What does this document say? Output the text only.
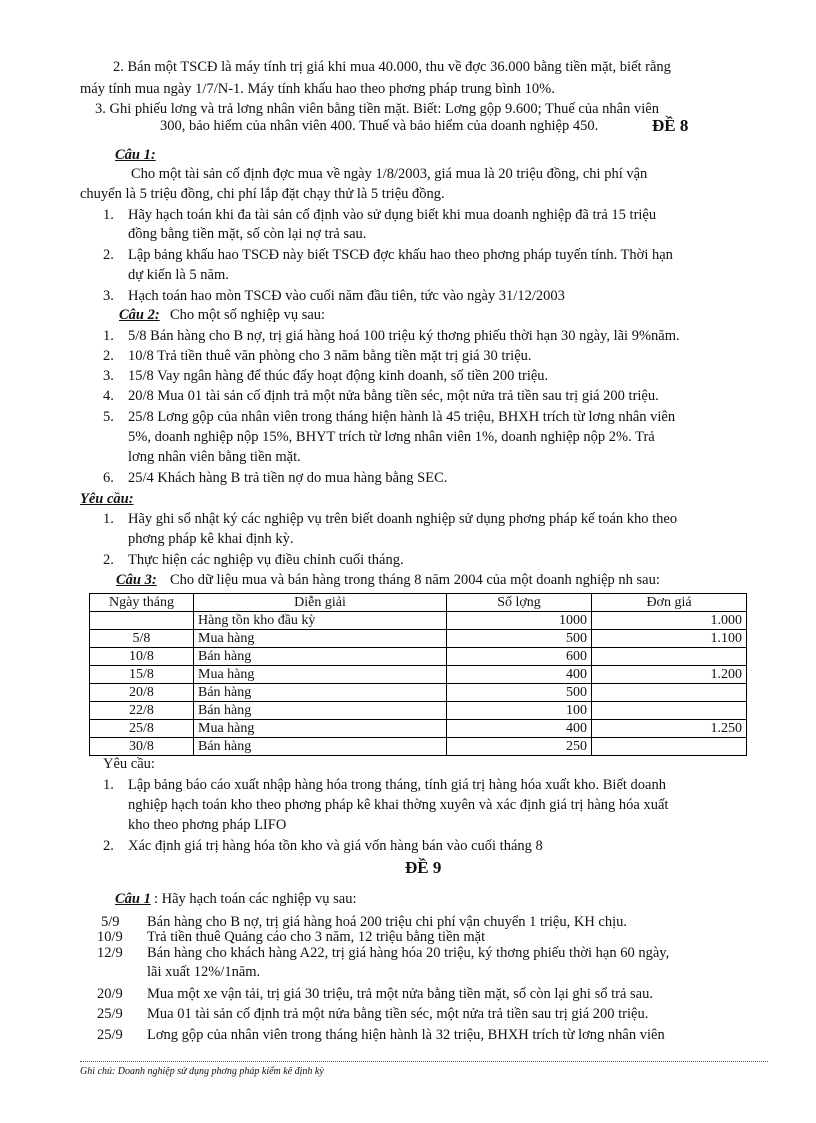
2. Bán một TSCĐ là máy tính trị giá khi mua 40.000, thu về đợc 36.000 bằng tiền mặt, biết rằng
máy tính mua ngày 1/7/N-1. Máy tính khấu hao theo phơng pháp trung bình 10%.
3. Ghi phiếu lơng và trả lơng nhân viên bằng tiền mặt. Biết: Lơng gộp 9.600; Thuế của nhân viên
300, bảo hiểm của nhân viên 400. Thuế và bảo hiểm của doanh nghiệp 450.	ĐỀ 8
Câu 1:
Cho một tài sản cố định đợc mua về ngày 1/8/2003, giá mua là 20 triệu đồng, chi phí vận
chuyển là 5 triệu đồng, chi phí lắp đặt chạy thử là 5 triệu đồng.
1. Hãy hạch toán khi đa tài sản cố định vào sử dụng biết khi mua doanh nghiệp đã trả 15 triệu
đồng bằng tiền mặt, số còn lại nợ trả sau.
2. Lập bảng khấu hao TSCĐ này biết TSCĐ đợc khấu hao theo phơng pháp tuyến tính. Thời hạn
dự kiến là 5 năm.
3. Hạch toán hao mòn TSCĐ vào cuối năm đầu tiên, tức vào ngày 31/12/2003
Câu 2: Cho một số nghiệp vụ sau:
1. 5/8 Bán hàng cho B nợ, trị giá hàng hoá 100 triệu ký thơng phiếu thời hạn 30 ngày, lãi 9%năm.
2. 10/8 Trả tiền thuê văn phòng cho 3 năm bằng tiền mặt trị giá 30 triệu.
3. 15/8 Vay ngân hàng để thúc đẩy hoạt động kinh doanh, số tiền 200 triệu.
4. 20/8 Mua 01 tài sản cố định trả một nửa bằng tiền séc, một nửa trả tiền sau trị giá 200 triệu.
5. 25/8 Lơng gộp của nhân viên trong tháng hiện hành là 45 triệu, BHXH trích từ lơng nhân viên
5%, doanh nghiệp nộp 15%, BHYT trích từ lơng nhân viên 1%, doanh nghiệp nộp 2%. Trả
lơng nhân viên bằng tiền mặt.
6. 25/4 Khách hàng B trả tiền nợ do mua hàng bằng SEC.
Yêu cầu:
1. Hãy ghi sổ nhật ký các nghiệp vụ trên biết doanh nghiệp sử dụng phơng pháp kế toán kho theo
phơng pháp kê khai định kỳ.
2. Thực hiện các nghiệp vụ điều chỉnh cuối tháng.
Câu 3: Cho dữ liệu mua và bán hàng trong tháng 8 năm 2004 của một doanh nghiệp nh sau:
Ngày tháng	Diễn giải	Số lợng	Đơn giá
	Hàng tồn kho đầu kỳ	1000	1.000
5/8	Mua hàng	500	1.100
10/8	Bán hàng	600	
15/8	Mua hàng	400	1.200
20/8	Bán hàng	500	
22/8	Bán hàng	100	
25/8	Mua hàng	400	1.250
30/8	Bán hàng	250	
Yêu cầu:
1. Lập bảng báo cáo xuất nhập hàng hóa trong tháng, tính giá trị hàng hóa xuất kho. Biết doanh
nghiệp hạch toán kho theo phơng pháp kê khai thờng xuyên và xác định giá trị hàng hóa xuất
kho theo phơng pháp LIFO
2. Xác định giá trị hàng hóa tồn kho và giá vốn hàng bán vào cuối tháng 8
ĐỀ 9
Câu 1 : Hãy hạch toán các nghiệp vụ sau:
5/9 Bán hàng cho B nợ, trị giá hàng hoá 200 triệu chi phí vận chuyển 1 triệu, KH chịu.
10/9 Trả tiền thuê Quảng cáo cho 3 năm, 12 triệu bằng tiền mặt
12/9 Bán hàng cho khách hàng A22, trị giá hàng hóa 20 triệu, ký thơng phiếu thời hạn 60 ngày,
lãi xuất 12%/1năm.
20/9 Mua một xe vận tải, trị giá 30 triệu, trả một nửa bằng tiền mặt, số còn lại ghi sổ trả sau.
25/9 Mua 01 tài sản cố định trả một nửa bằng tiền séc, một nửa trả tiền sau trị giá 200 triệu.
25/9 Lơng gộp của nhân viên trong tháng hiện hành là 32 triệu, BHXH trích từ lơng nhân viên
Ghi chú: Doanh nghiệp sử dụng phơng pháp kiểm kê định kỳ
